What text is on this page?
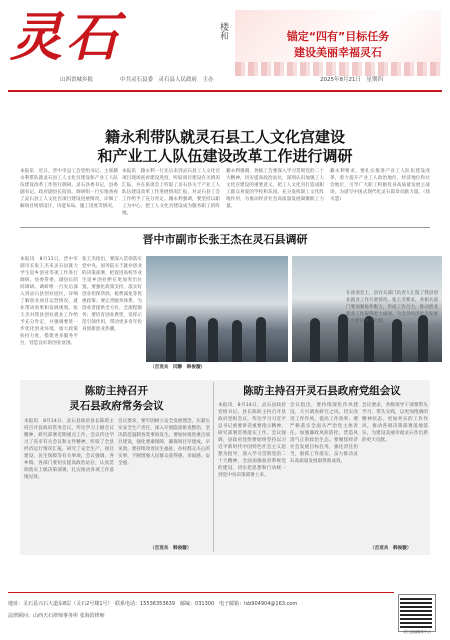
灵石	楼和	锚定“四有”目标任务
建设美丽幸福灵石
山西省城乡报	中共灵石县委　灵石县人民政府　主办	2025年8月21日　星期四
籍永利带队就灵石县工人文化宫建设
和产业工人队伍建设改革工作进行调研
本报讯　近日，晋中市总工会党组书记、主席籍永利带队就灵石县工人文化宫建设和产业工人队伍建设改革工作进行调研。灵石县委书记，县委副书记、政府副县长陪同。调研组一行实地查看了灵石县工人文化宫项目建设进展情况，详细了解项目规划设计、功能布局、施工进度等情况。
本报讯　籍永利一行先后来到灵石县工人文化宫项目现场查看建设进度，听取项目建设有关情况汇报，并在座谈会上听取了灵石县关于产业工人队伍建设改革工作进展情况汇报，对灵石县工会工作给予了充分肯定。籍永利强调，要坚持以职工为中心，把工人文化宫建设成为服务职工的阵地。
籍永利强调，各级工会要深入学习贯彻党的二十大精神，切实提高政治站位，深刻认识加强工人文化宫建设的重要意义，把工人文化宫打造成职工群众喜爱的学校和乐园，充分发挥职工文化阵地作用，为推动经济社会高质量发展凝聚职工力量。
籍永利要求，要扎实推进产业工人队伍建设改革，着力提升产业工人政治地位、经济地位和社会地位，引导广大职工积极投身高质量发展主战场，为谱写中国式现代化灵石篇章贡献力量。（徐水慧）
晋中市副市长张王杰在灵石县调研
本报讯　8月11日，晋中市副市长张王杰来灵石县就大学生返乡创业等项工作进行调研。县委常委、副县长陪同调研。调研组一行先后深入到灵石县创业园区，详细了解创业项目运营情况、就业带动效果和发展规划。张王杰对我县创业就业工作给予充分肯定，并强调要进一步优化创业环境，加大政策扶持力度，搭建更多服务平台，营造良好的创业氛围。
张王杰指出，要深入贯彻落实党中央、国务院关于就业创业的决策部署，把促进高校毕业生返乡创业摆在更加突出位置。要强化政策支持，落实好创业担保贷款、税费减免等优惠政策；要完善服务体系，为创业者提供全方位、全流程服务；要培育创业典型，发挥示范引领作用，带动更多青年投身创新创业热潮。
在座谈会上，县有关部门负责人汇报了我县创业就业工作开展情况。张王杰要求，各相关部门要加强协作配合，形成工作合力，推动创业就业工作取得更大成效，为全市经济社会发展作出新的更大贡献。
（吉亚兵　闫静　韩俊璇）
陈昉主持召开
灵石县政府常务会议
本报讯　8月14日，灵石县政府县长陈昉主持召开县政府常务会议，传达学习上级会议精神，研究部署近期重点工作。会议传达学习了省市有关会议和文件精神，听取了全县经济运行情况汇报，研究了安全生产、项目建设、民生保障等有关事项。会议强调，各乡镇、各部门要切实提高政治站位，认真贯彻落实上级决策部署，扎实推动各项工作落地见效。
会议要求，要牢固树立安全发展理念，压紧压实安全生产责任，深入开展隐患排查整治，坚决防范遏制各类事故发生。要加快推进重点项目建设，强化要素保障，确保项目早建成、早见效。要持续改善民生福祉，办好群众关心的实事，不断增强人民群众获得感、幸福感、安全感。
（吉亚兵　韩俊璇）
陈昉主持召开灵石县政府党组会议
本报讯　8月14日，灵石县政府党组书记、县长陈昉主持召开县政府党组会议，传达学习习近平总书记重要讲话重要指示精神，研究部署贯彻落实工作。会议强调，县政府党组要始终坚持以习近平新时代中国特色社会主义思想为指导，深入学习贯彻党的二十大精神，全面加强政府系统党的建设，切实把思想和行动统一到党中央决策部署上来。
会议指出，要持续深化作风建设，大兴调查研究之风，切实改进工作作风，提高工作效率。要严格落实全面从严治党主体责任，加强廉政风险防控，营造风清气正的政治生态。要聚焦经济社会发展目标任务，强化责任担当，狠抓工作落实，奋力推动灵石高质量发展取得新成效。
会议要求，各级领导干部要带头学习、带头实践，以更加饱满的精神状态、更加务实的工作作风，推动各项决策部署落地落实，为建设美丽幸福灵石作出新的更大贡献。
（吉亚兵　韩俊璇）
地址：灵石县兴石大道东8层（灵石2号楼1号）　联系电话：15536353639　邮编：031300　电子邮箱：lsb904904@163.com
法律顾问：山西天石律师事务所 张海滨律师
灵石县融媒体中心
